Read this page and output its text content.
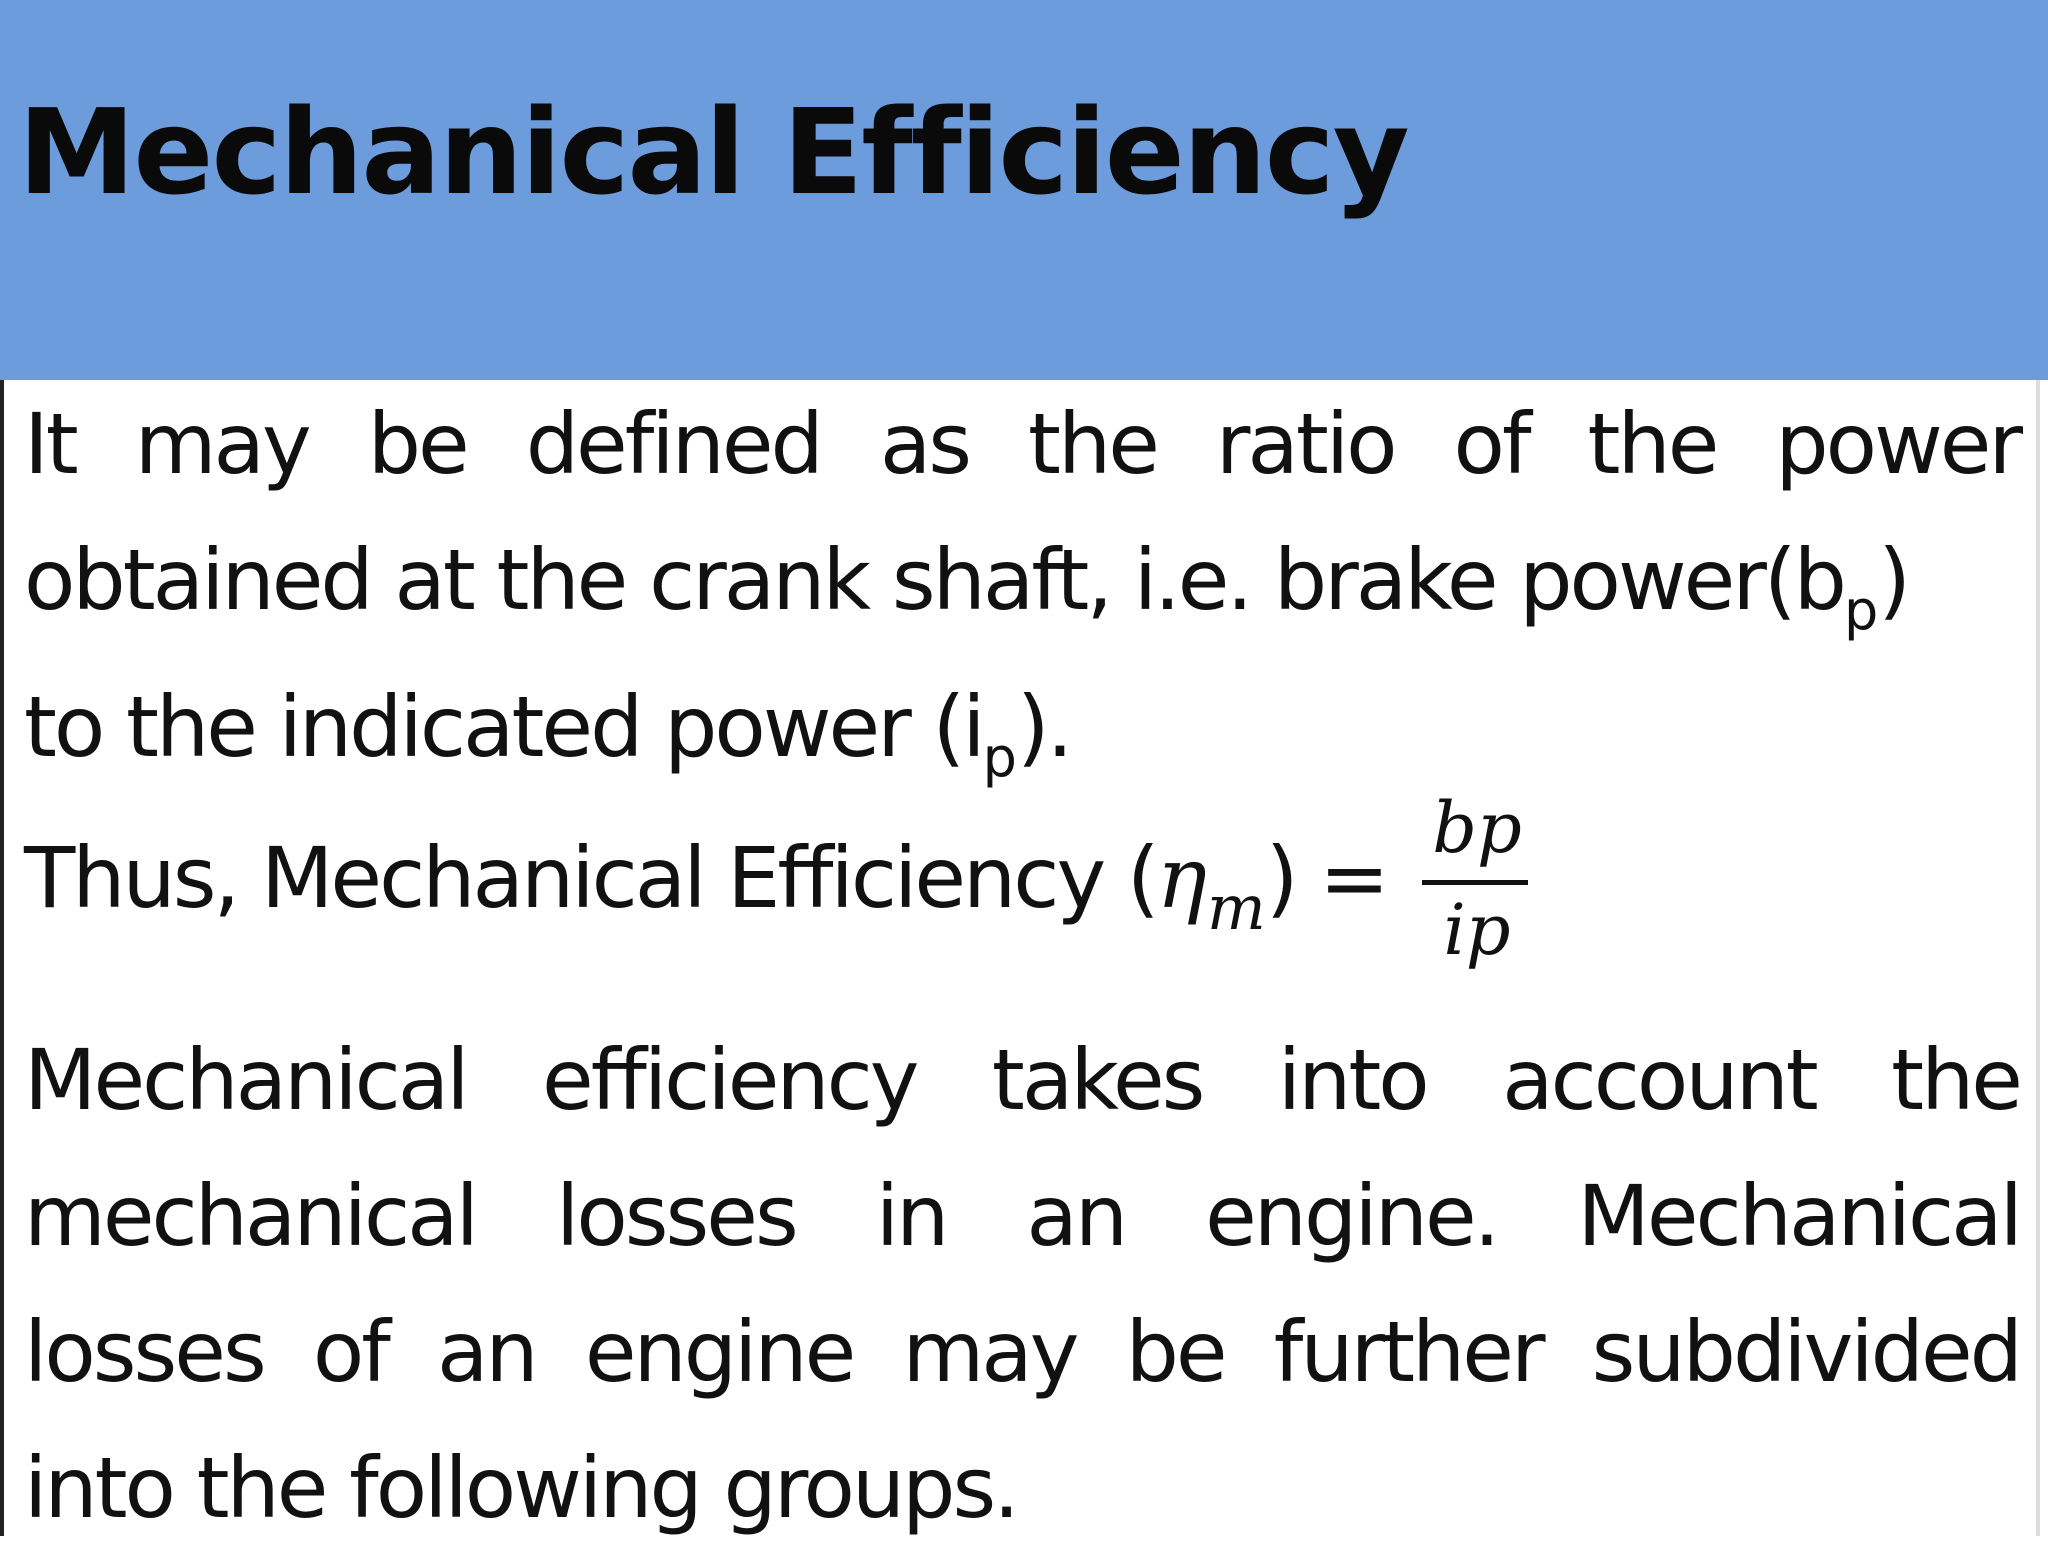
Mechanical Efficiency
It may be defined as the ratio of the power
obtained at the crank shaft, i.e. brake $power(b_p)$
to the indicated power $(i_p)$.
Thus, Mechanical Efficiency $(\eta_m)$ =
bp
ip
Mechanical efficiency takes into account the
mechanical losses in an engine. Mechanical
losses of an engine may be further subdivided
into the following groups.
